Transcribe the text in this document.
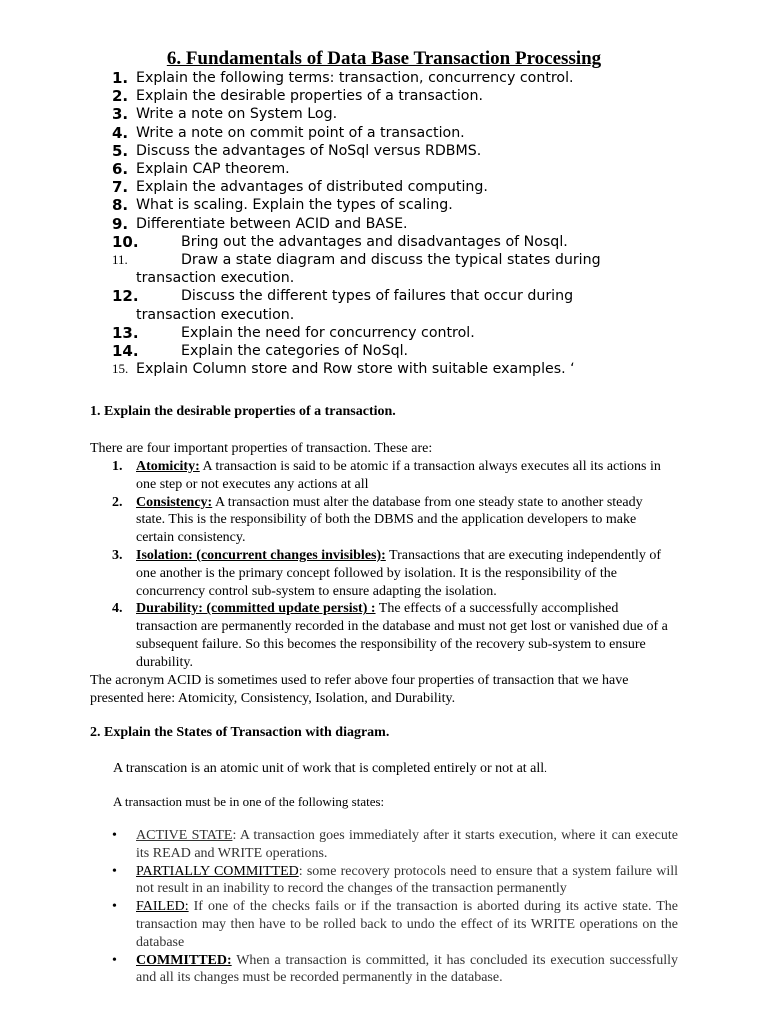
6. Fundamentals of Data Base Transaction Processing
1. Explain the following terms: transaction, concurrency control.
2. Explain the desirable properties of a transaction.
3. Write a note on System Log.
4. Write a note on commit point of a transaction.
5. Discuss the advantages of NoSql versus RDBMS.
6. Explain CAP theorem.
7. Explain the advantages of distributed computing.
8. What is scaling. Explain the types of scaling.
9. Differentiate between ACID and BASE.
10.	Bring out the advantages and disadvantages of Nosql.
11.	Draw a state diagram and discuss the typical states during transaction execution.
12.	Discuss the different types of failures that occur during transaction execution.
13.	Explain the need for concurrency control.
14.	Explain the categories of NoSql.
15. Explain Column store and Row store with suitable examples. ‘
1. Explain the desirable properties of a transaction.
There are four important properties of transaction. These are:
1. Atomicity: A transaction is said to be atomic if a transaction always executes all its actions in one step or not executes any actions at all
2. Consistency: A transaction must alter the database from one steady state to another steady state. This is the responsibility of both the DBMS and the application developers to make certain consistency.
3. Isolation: (concurrent changes invisibles): Transactions that are executing independently of one another is the primary concept followed by isolation. It is the responsibility of the concurrency control sub-system to ensure adapting the isolation.
4. Durability: (committed update persist) : The effects of a successfully accomplished transaction are permanently recorded in the database and must not get lost or vanished due of a subsequent failure. So this becomes the responsibility of the recovery sub-system to ensure durability.
The acronym ACID is sometimes used to refer above four properties of transaction that we have presented here: Atomicity, Consistency, Isolation, and Durability.
2. Explain the States of Transaction with diagram.
A transcation is an atomic unit of work that is completed entirely or not at all.
A transaction must be in one of the following states:
• ACTIVE STATE: A transaction goes immediately after it starts execution, where it can execute its READ and WRITE operations.
• PARTIALLY COMMITTED: some recovery protocols need to ensure that a system failure will not result in an inability to record the changes of the transaction permanently
• FAILED: If one of the checks fails or if the transaction is aborted during its active state. The transaction may then have to be rolled back to undo the effect of its WRITE operations on the database
• COMMITTED: When a transaction is committed, it has concluded its execution successfully and all its changes must be recorded permanently in the database.
